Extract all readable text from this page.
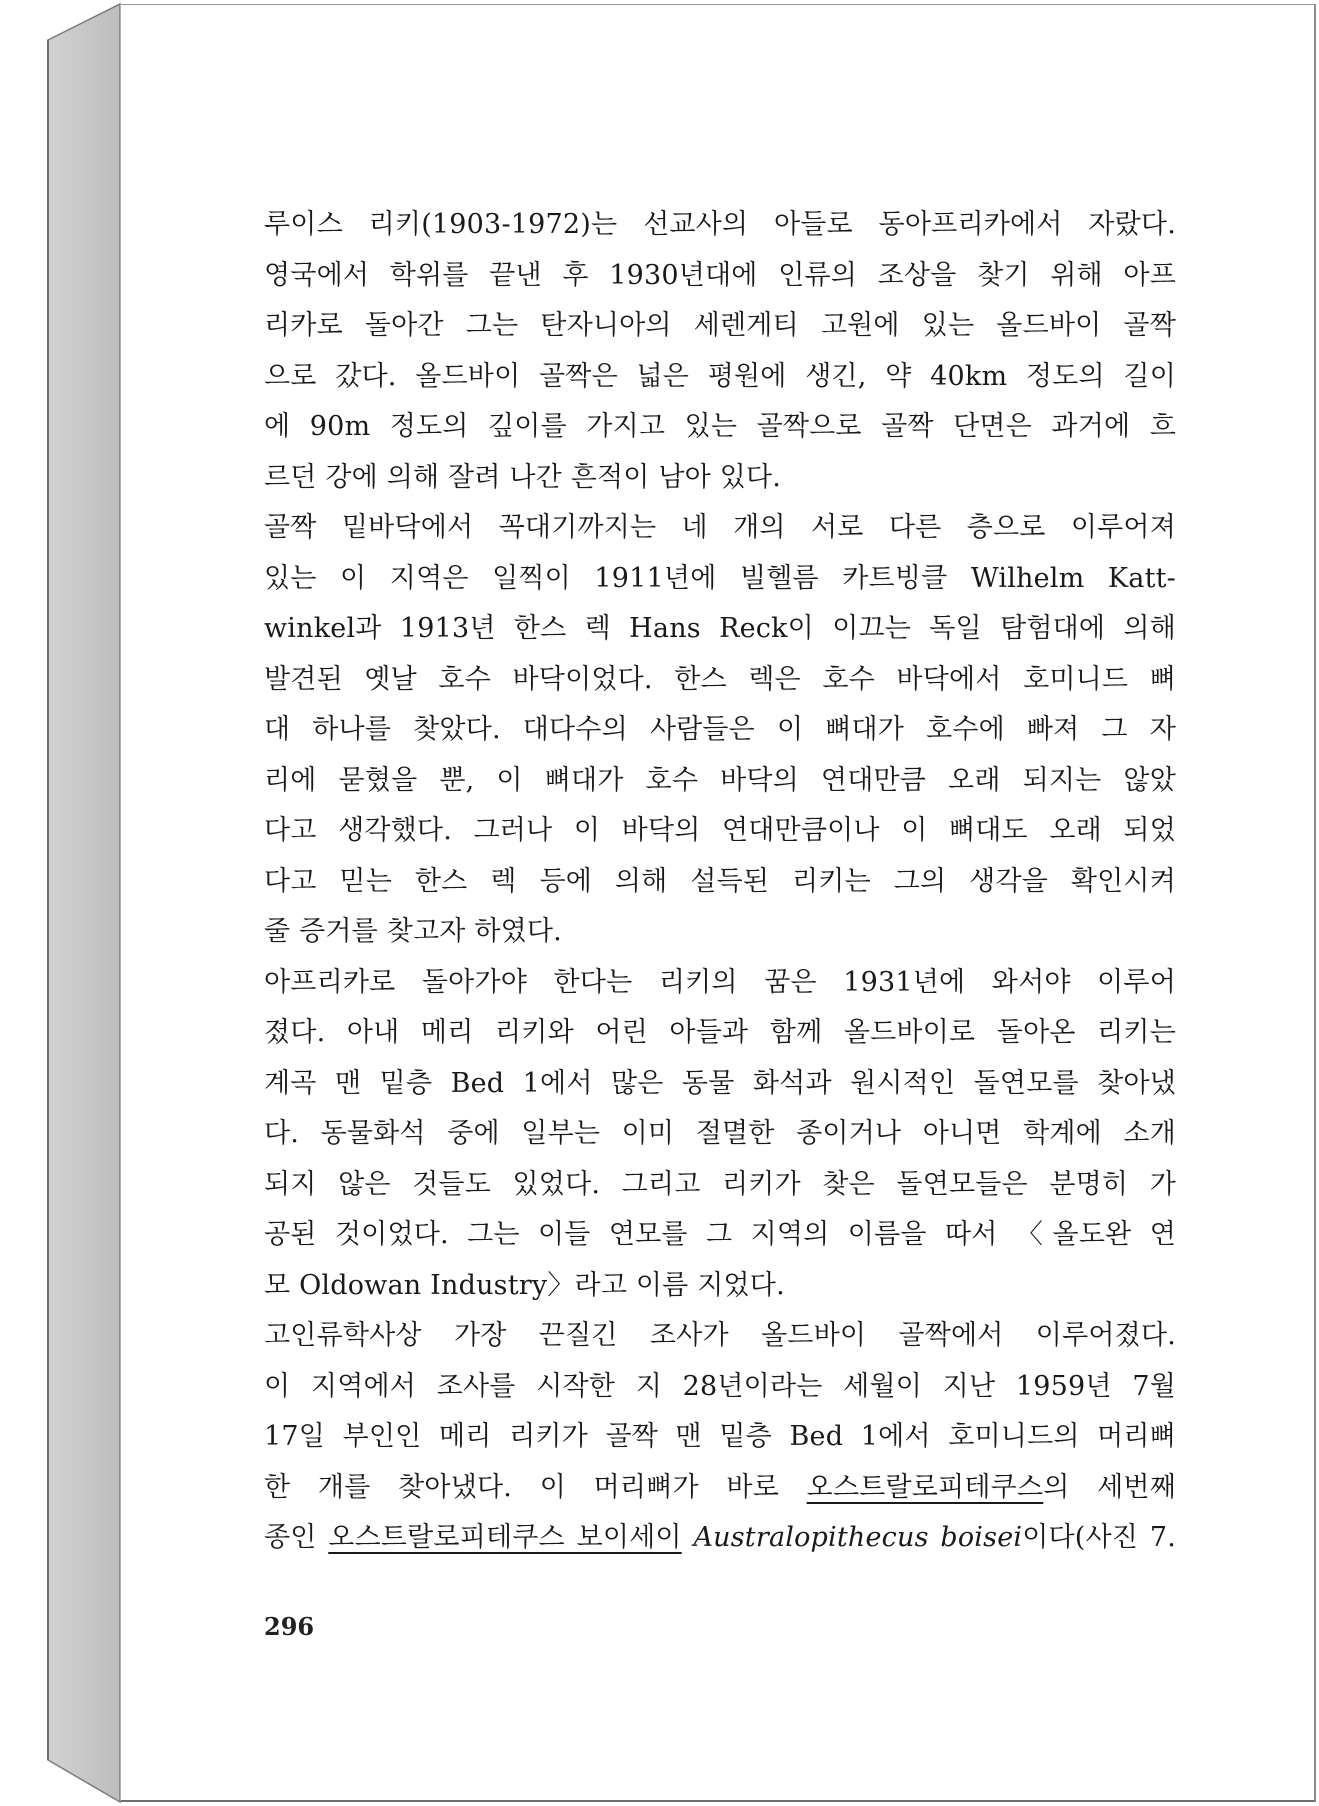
루이스 리키(1903-1972)는 선교사의 아들로 동아프리카에서 자랐다.
영국에서 학위를 끝낸 후 1930년대에 인류의 조상을 찾기 위해 아프
리카로 돌아간 그는 탄자니아의 세렌게티 고원에 있는 올드바이 골짝
으로 갔다. 올드바이 골짝은 넓은 평원에 생긴, 약 40km 정도의 길이
에 90m 정도의 깊이를 가지고 있는 골짝으로 골짝 단면은 과거에 흐
르던 강에 의해 잘려 나간 흔적이 남아 있다.
골짝 밑바닥에서 꼭대기까지는 네 개의 서로 다른 층으로 이루어져
있는 이 지역은 일찍이 1911년에 빌헬름 카트빙클 Wilhelm Katt-
winkel과 1913년 한스 렉 Hans Reck이 이끄는 독일 탐험대에 의해
발견된 옛날 호수 바닥이었다. 한스 렉은 호수 바닥에서 호미니드 뼈
대 하나를 찾았다. 대다수의 사람들은 이 뼈대가 호수에 빠져 그 자
리에 묻혔을 뿐, 이 뼈대가 호수 바닥의 연대만큼 오래 되지는 않았
다고 생각했다. 그러나 이 바닥의 연대만큼이나 이 뼈대도 오래 되었
다고 믿는 한스 렉 등에 의해 설득된 리키는 그의 생각을 확인시켜
줄 증거를 찾고자 하였다.
아프리카로 돌아가야 한다는 리키의 꿈은 1931년에 와서야 이루어
졌다. 아내 메리 리키와 어린 아들과 함께 올드바이로 돌아온 리키는
계곡 맨 밑층 Bed 1에서 많은 동물 화석과 원시적인 돌연모를 찾아냈
다. 동물화석 중에 일부는 이미 절멸한 종이거나 아니면 학계에 소개
되지 않은 것들도 있었다. 그리고 리키가 찾은 돌연모들은 분명히 가
공된 것이었다. 그는 이들 연모를 그 지역의 이름을 따서 〈올도완 연
모 Oldowan Industry〉라고 이름 지었다.
고인류학사상 가장 끈질긴 조사가 올드바이 골짝에서 이루어졌다.
이 지역에서 조사를 시작한 지 28년이라는 세월이 지난 1959년 7월
17일 부인인 메리 리키가 골짝 맨 밑층 Bed 1에서 호미니드의 머리뼈
한 개를 찾아냈다. 이 머리뼈가 바로 오스트랄로피테쿠스의 세번째
종인 오스트랄로피테쿠스 보이세이 Australopithecus boisei이다(사진 7.
296
